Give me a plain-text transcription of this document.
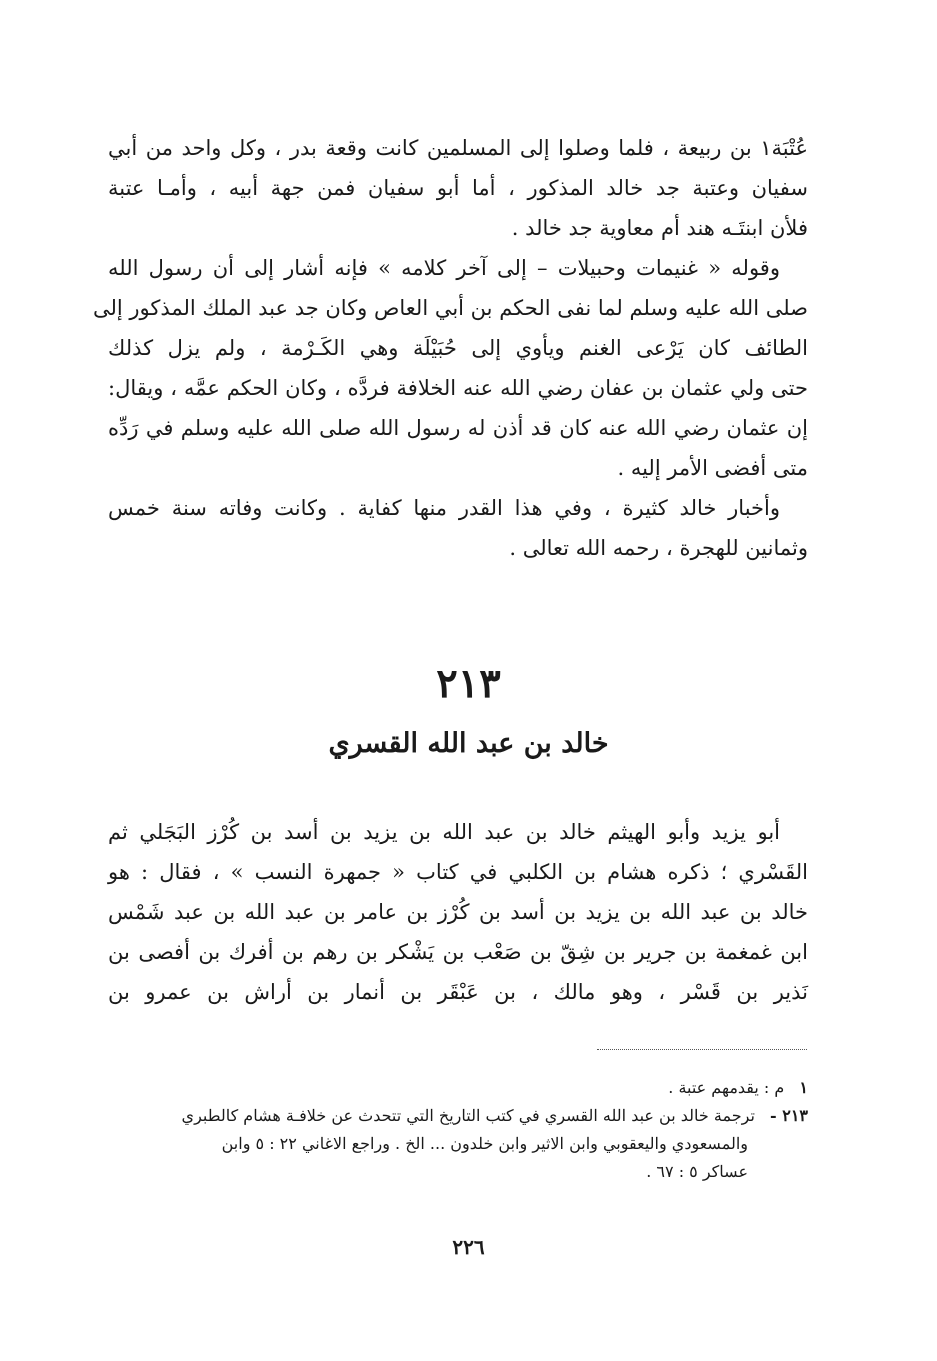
عُتْبَة١ بن ربيعة ، فلما وصلوا إلى المسلمين كانت وقعة بدر ، وكل واحد من أبي
سفيان وعتبة جد خالد المذكور ، أما أبو سفيان فمن جهة أبيه ، وأمـا عتبة
فلأن ابنتَـه هند أم معاوية جد خالد .

وقوله « غنيمات وحبيلات – إلى آخر كلامه » فإنه أشار إلى أن رسول الله
صلى الله عليه وسلم لما نفى الحكم بن أبي العاص وكان جد عبد الملك المذكور إلى
الطائف كان يَرْعى الغنم ويأوي إلى حُبَيْلَة وهي الكَـرْمة ، ولم يزل كذلك
حتى ولي عثمان بن عفان رضي الله عنه الخلافة فردَّه ، وكان الحكم عمَّه ، ويقال:
إن عثمان رضي الله عنه كان قد أذن له رسول الله صلى الله عليه وسلم في رَدِّه
متى أفضى الأمر إليه .

وأخبار خالد كثيرة ، وفي هذا القدر منها كفاية . وكانت وفاته سنة خمس
وثمانين للهجرة ، رحمه الله تعالى .

٢١٣
خالد بن عبد الله القسري
أبو يزيد وأبو الهيثم خالد بن عبد الله بن يزيد بن أسد بن كُرْز البَجَلي ثم
القَسْري ؛ ذكره هشام بن الكلبي في كتاب « جمهرة النسب » ، فقال : هو
خالد بن عبد الله بن يزيد بن أسد بن كُرْز بن عامر بن عبد الله بن عبد شَمْس
ابن غمغمة بن جرير بن شِقّ بن صَعْب بن يَشْكر بن رهم بن أفرك بن أفصى بن
نَذير بن قَسْر ، وهو مالك ، بن عَبْقَر بن أنمار بن أراش بن عمرو بن
١ م : يقدمهم عتبة .
٢١٣ - ترجمة خالد بن عبد الله القسري في كتب التاريخ التي تتحدث عن خلافـة هشام كالطبري
والمسعودي واليعقوبي وابن الاثير وابن خلدون ... الخ . وراجع الاغاني ٢٢ : ٥ وابن
عساكر ٥ : ٦٧ .
٢٢٦
